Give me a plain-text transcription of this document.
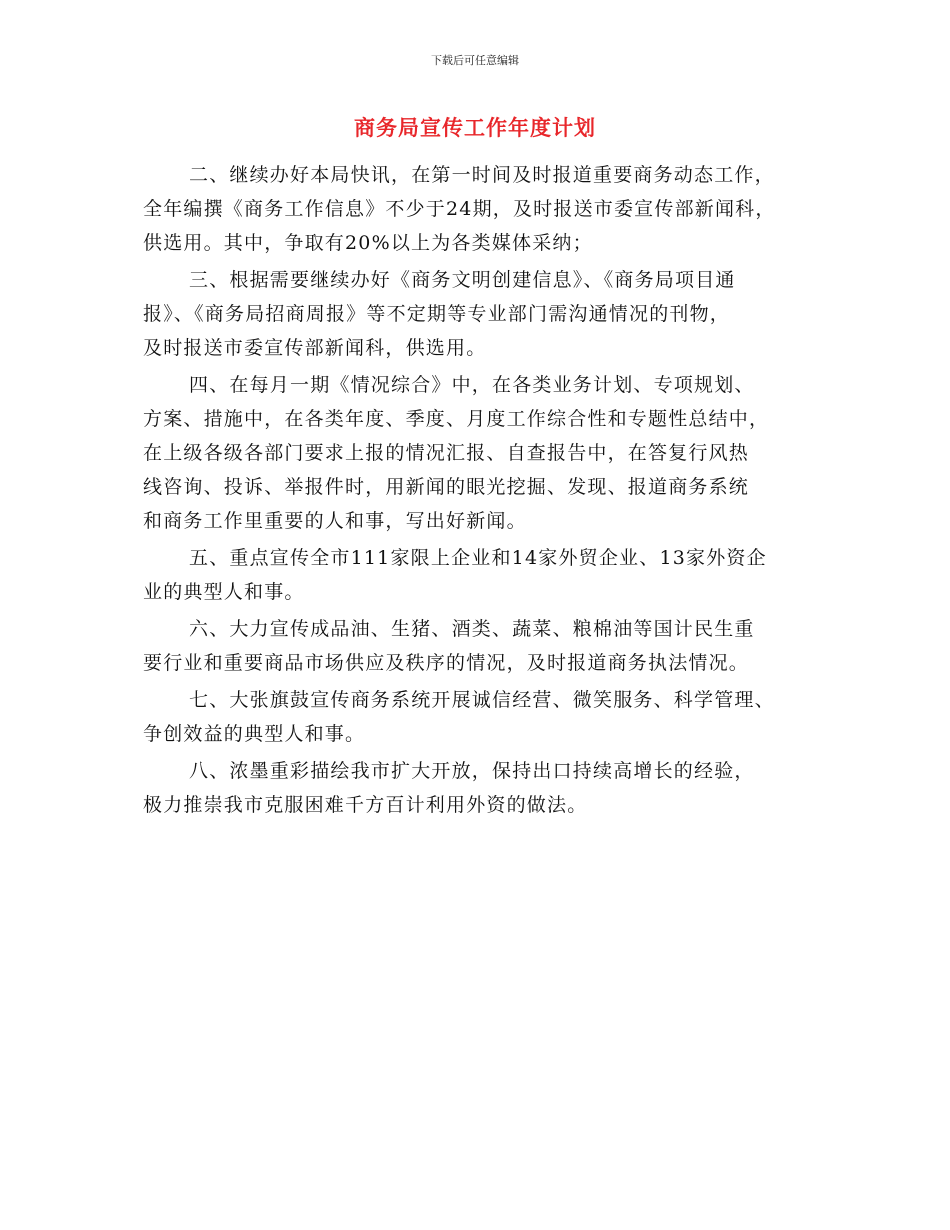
下载后可任意编辑
商务局宣传工作年度计划
二、继续办好本局快讯，在第一时间及时报道重要商务动态工作，
全年编撰《商务工作信息》不少于24期，及时报送市委宣传部新闻科，
供选用。其中，争取有20%以上为各类媒体采纳；
三、根据需要继续办好《商务文明创建信息》、《商务局项目通
报》、《商务局招商周报》等不定期等专业部门需沟通情况的刊物，
及时报送市委宣传部新闻科，供选用。
四、在每月一期《情况综合》中，在各类业务计划、专项规划、
方案、措施中，在各类年度、季度、月度工作综合性和专题性总结中，
在上级各级各部门要求上报的情况汇报、自查报告中，在答复行风热
线咨询、投诉、举报件时，用新闻的眼光挖掘、发现、报道商务系统
和商务工作里重要的人和事，写出好新闻。
五、重点宣传全市111家限上企业和14家外贸企业、13家外资企
业的典型人和事。
六、大力宣传成品油、生猪、酒类、蔬菜、粮棉油等国计民生重
要行业和重要商品市场供应及秩序的情况，及时报道商务执法情况。
七、大张旗鼓宣传商务系统开展诚信经营、微笑服务、科学管理、
争创效益的典型人和事。
八、浓墨重彩描绘我市扩大开放，保持出口持续高增长的经验，
极力推崇我市克服困难千方百计利用外资的做法。
